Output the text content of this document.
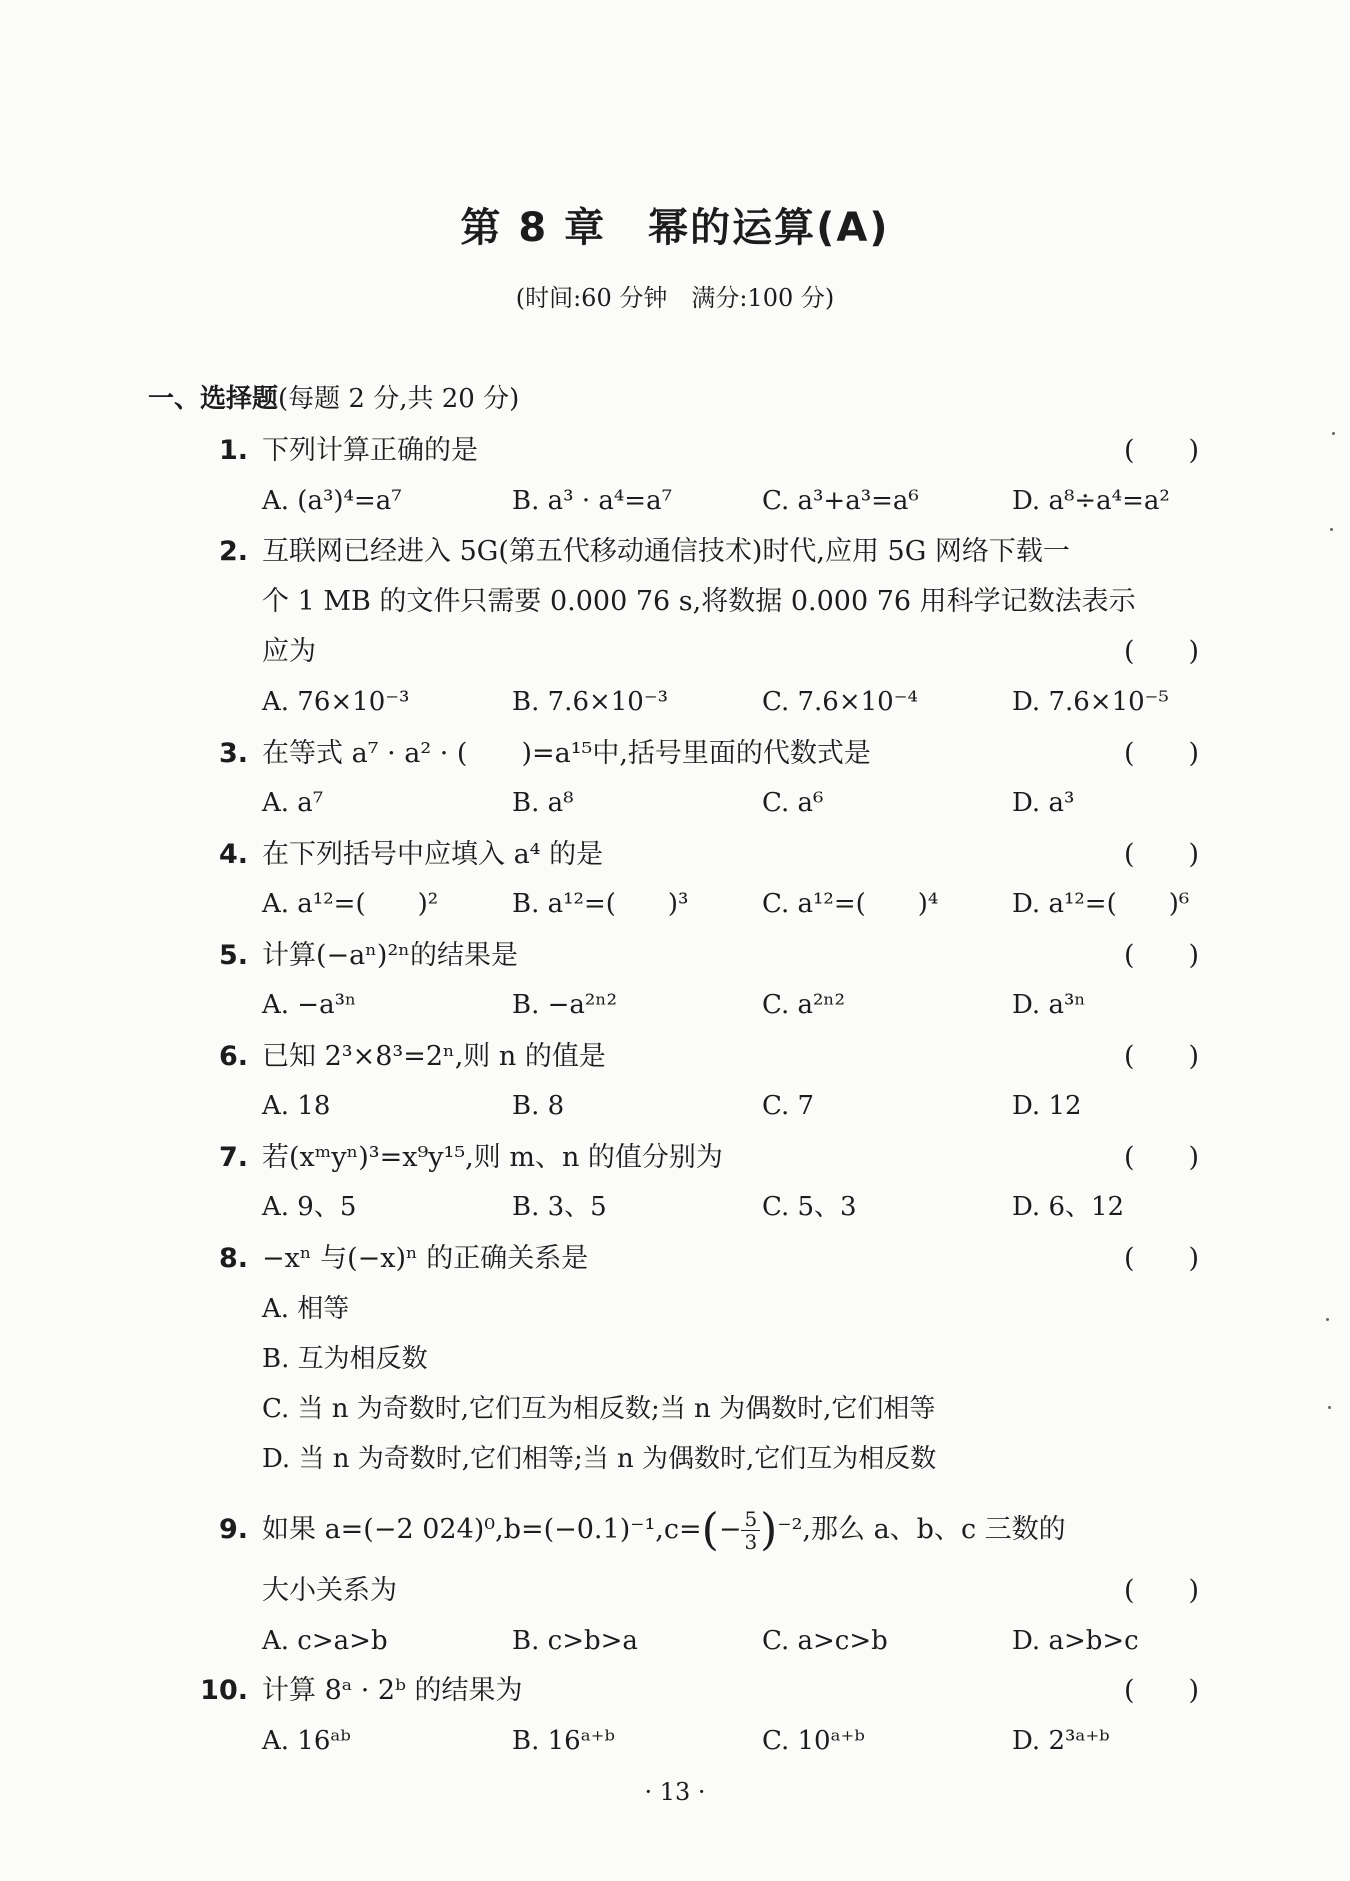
第 8 章　幂的运算(A)
(时间:60 分钟　满分:100 分)
一、选择题(每题 2 分,共 20 分)
1. 下列计算正确的是	(　　)
A. (a³)⁴=a⁷	B. a³ · a⁴=a⁷	C. a³+a³=a⁶	D. a⁸÷a⁴=a²
2. 互联网已经进入 5G(第五代移动通信技术)时代,应用 5G 网络下载一
个 1 MB 的文件只需要 0.000 76 s,将数据 0.000 76 用科学记数法表示
应为	(　　)
A. 76×10⁻³	B. 7.6×10⁻³	C. 7.6×10⁻⁴	D. 7.6×10⁻⁵
3. 在等式 a⁷ · a² · (　　)=a¹⁵中,括号里面的代数式是	(　　)
A. a⁷	B. a⁸	C. a⁶	D. a³
4. 在下列括号中应填入 a⁴ 的是	(　　)
A. a¹²=(　　)²	B. a¹²=(　　)³	C. a¹²=(　　)⁴	D. a¹²=(　　)⁶
5. 计算(−aⁿ)²ⁿ的结果是	(　　)
A. −a³ⁿ	B. −a²ⁿ²	C. a²ⁿ²	D. a³ⁿ
6. 已知 2³×8³=2ⁿ,则 n 的值是	(　　)
A. 18	B. 8	C. 7	D. 12
7. 若(xᵐyⁿ)³=x⁹y¹⁵,则 m、n 的值分别为	(　　)
A. 9、5	B. 3、5	C. 5、3	D. 6、12
8. −xⁿ 与(−x)ⁿ 的正确关系是	(　　)
A. 相等
B. 互为相反数
C. 当 n 为奇数时,它们互为相反数;当 n 为偶数时,它们相等
D. 当 n 为奇数时,它们相等;当 n 为偶数时,它们互为相反数
9. 如果 a=(−2 $024)^0,b=(-0.1)^{-1},c=(- \frac{5}{3} )^{-2}$,那么 a、b、c 三数的
大小关系为	(　　)
A. c>a>b	B. c>b>a	C. a>c>b	D. a>b>c
10. 计算 8ᵃ · 2ᵇ 的结果为	(　　)
A. 16ᵃᵇ	B. 16ᵃ⁺ᵇ	C. 10ᵃ⁺ᵇ	D. 2³ᵃ⁺ᵇ
· 13 ·
